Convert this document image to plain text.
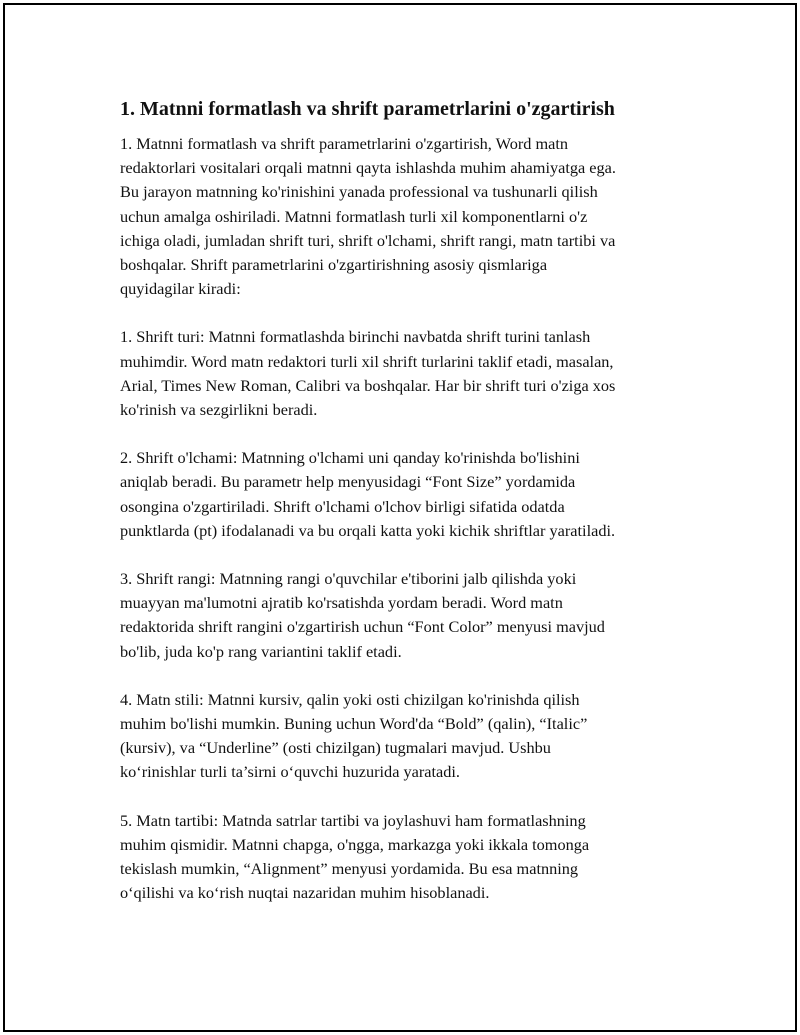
1. Matnni formatlash va shrift parametrlarini o'zgartirish

1. Matnni formatlash va shrift parametrlarini o'zgartirish, Word matn
redaktorlari vositalari orqali matnni qayta ishlashda muhim ahamiyatga ega.
Bu jarayon matnning ko'rinishini yanada professional va tushunarli qilish
uchun amalga oshiriladi. Matnni formatlash turli xil komponentlarni o'z
ichiga oladi, jumladan shrift turi, shrift o'lchami, shrift rangi, matn tartibi va
boshqalar. Shrift parametrlarini o'zgartirishning asosiy qismlariga
quyidagilar kiradi:

1. Shrift turi: Matnni formatlashda birinchi navbatda shrift turini tanlash
muhimdir. Word matn redaktori turli xil shrift turlarini taklif etadi, masalan,
Arial, Times New Roman, Calibri va boshqalar. Har bir shrift turi o'ziga xos
ko'rinish va sezgirlikni beradi.

2. Shrift o'lchami: Matnning o'lchami uni qanday ko'rinishda bo'lishini
aniqlab beradi. Bu parametr help menyusidagi “Font Size” yordamida
osongina o'zgartiriladi. Shrift o'lchami o'lchov birligi sifatida odatda
punktlarda (pt) ifodalanadi va bu orqali katta yoki kichik shriftlar yaratiladi.

3. Shrift rangi: Matnning rangi o'quvchilar e'tiborini jalb qilishda yoki
muayyan ma'lumotni ajratib ko'rsatishda yordam beradi. Word matn
redaktorida shrift rangini o'zgartirish uchun “Font Color” menyusi mavjud
bo'lib, juda ko'p rang variantini taklif etadi.

4. Matn stili: Matnni kursiv, qalin yoki osti chizilgan ko'rinishda qilish
muhim bo'lishi mumkin. Buning uchun Word'da “Bold” (qalin), “Italic”
(kursiv), va “Underline” (osti chizilgan) tugmalari mavjud. Ushbu
ko‘rinishlar turli ta’sirni o‘quvchi huzurida yaratadi.

5. Matn tartibi: Matnda satrlar tartibi va joylashuvi ham formatlashning
muhim qismidir. Matnni chapga, o'ngga, markazga yoki ikkala tomonga
tekislash mumkin, “Alignment” menyusi yordamida. Bu esa matnning
o‘qilishi va ko‘rish nuqtai nazaridan muhim hisoblanadi.
